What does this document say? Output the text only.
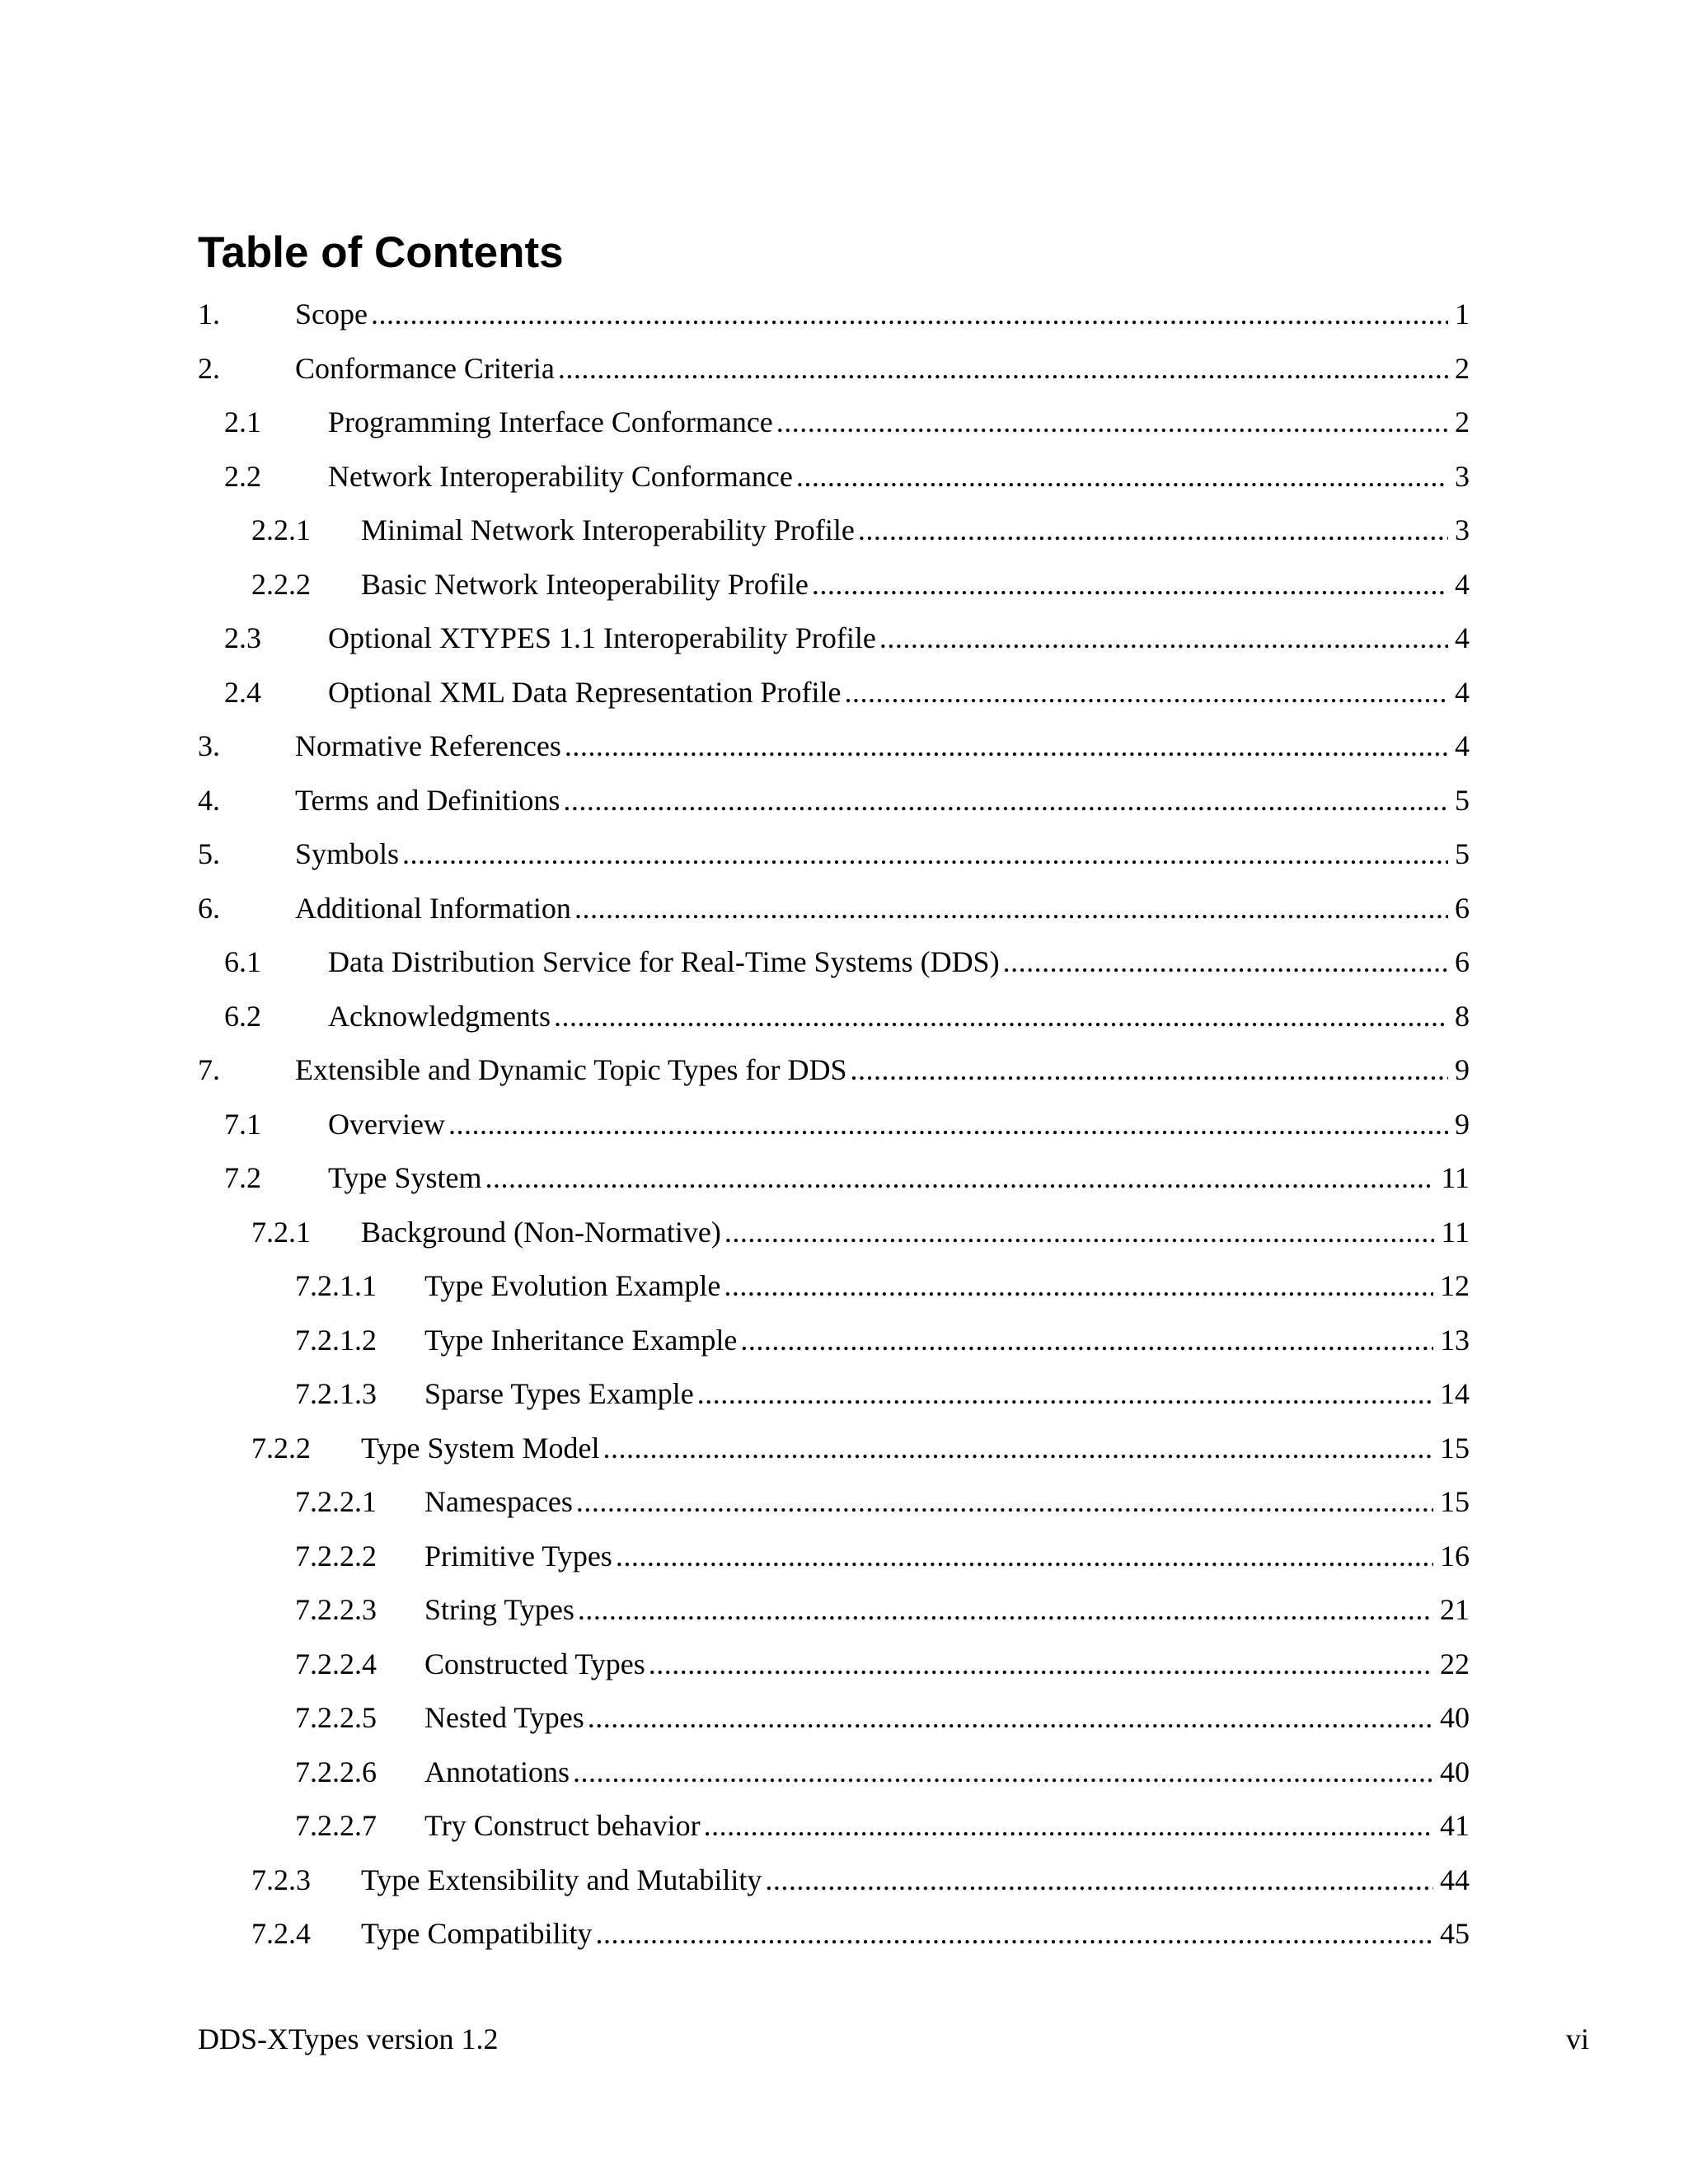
Table of Contents
1.	Scope .....	1
2.	Conformance Criteria .....	2
2.1	Programming Interface Conformance .....	2
2.2	Network Interoperability Conformance .....	3
2.2.1	Minimal Network Interoperability Profile .....	3
2.2.2	Basic Network Inteoperability Profile .....	4
2.3	Optional XTYPES 1.1 Interoperability Profile .....	4
2.4	Optional XML Data Representation Profile .....	4
3.	Normative References .....	4
4.	Terms and Definitions .....	5
5.	Symbols .....	5
6.	Additional Information .....	6
6.1	Data Distribution Service for Real-Time Systems (DDS) .....	6
6.2	Acknowledgments .....	8
7.	Extensible and Dynamic Topic Types for DDS .....	9
7.1	Overview .....	9
7.2	Type System .....	11
7.2.1	Background (Non-Normative) .....	11
7.2.1.1	Type Evolution Example .....	12
7.2.1.2	Type Inheritance Example .....	13
7.2.1.3	Sparse Types Example .....	14
7.2.2	Type System Model .....	15
7.2.2.1	Namespaces .....	15
7.2.2.2	Primitive Types .....	16
7.2.2.3	String Types .....	21
7.2.2.4	Constructed Types .....	22
7.2.2.5	Nested Types .....	40
7.2.2.6	Annotations .....	40
7.2.2.7	Try Construct behavior .....	41
7.2.3	Type Extensibility and Mutability .....	44
7.2.4	Type Compatibility .....	45
DDS-XTypes version 1.2	vi
